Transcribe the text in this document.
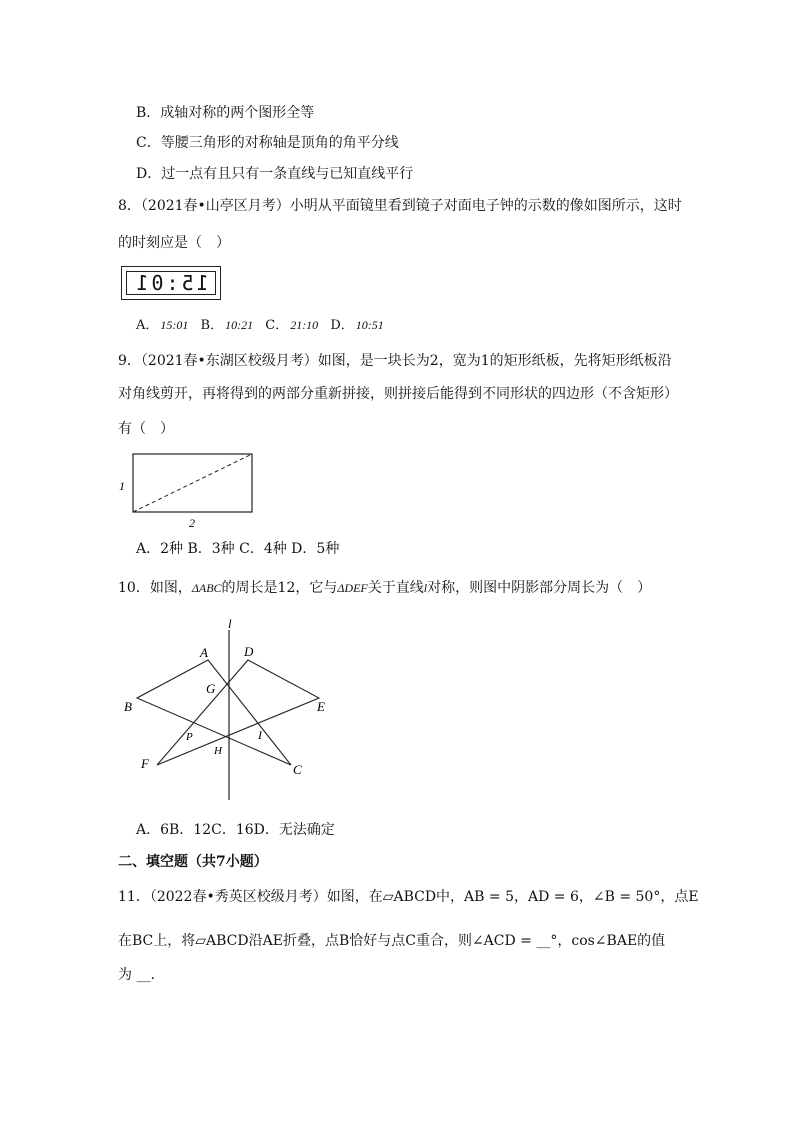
B．成轴对称的两个图形全等
C．等腰三角形的对称轴是顶角的角平分线
D．过一点有且只有一条直线与已知直线平行
8．（2021春•山亭区月考）小明从平面镜里看到镜子对面电子钟的示数的像如图所示，这时
的时刻应是（　）
15:01
A． 15:01 B． 10:21 C． 21:10 D． 10:51
9．（2021春•东湖区校级月考）如图，是一块长为2，宽为1的矩形纸板，先将矩形纸板沿
对角线剪开，再将得到的两部分重新拼接，则拼接后能得到不同形状的四边形（不含矩形）
有（　）
1
2
A．2种 B．3种 C．4种 D．5种
10．如图，ΔABC的周长是12，它与ΔDEF关于直线l对称，则图中阴影部分周长为（　）
l
A	D
G
B	E
P	I
H
F	C
A．6B．12C．16D．无法确定
二、填空题（共7小题）
11．（2022春•秀英区校级月考）如图，在▱ABCD中，AB = 5，AD = 6，∠B = 50°，点E
在BC上，将▱ABCD沿AE折叠，点B恰好与点C重合，则∠ACD = __°，cos∠BAE的值
为 __.
